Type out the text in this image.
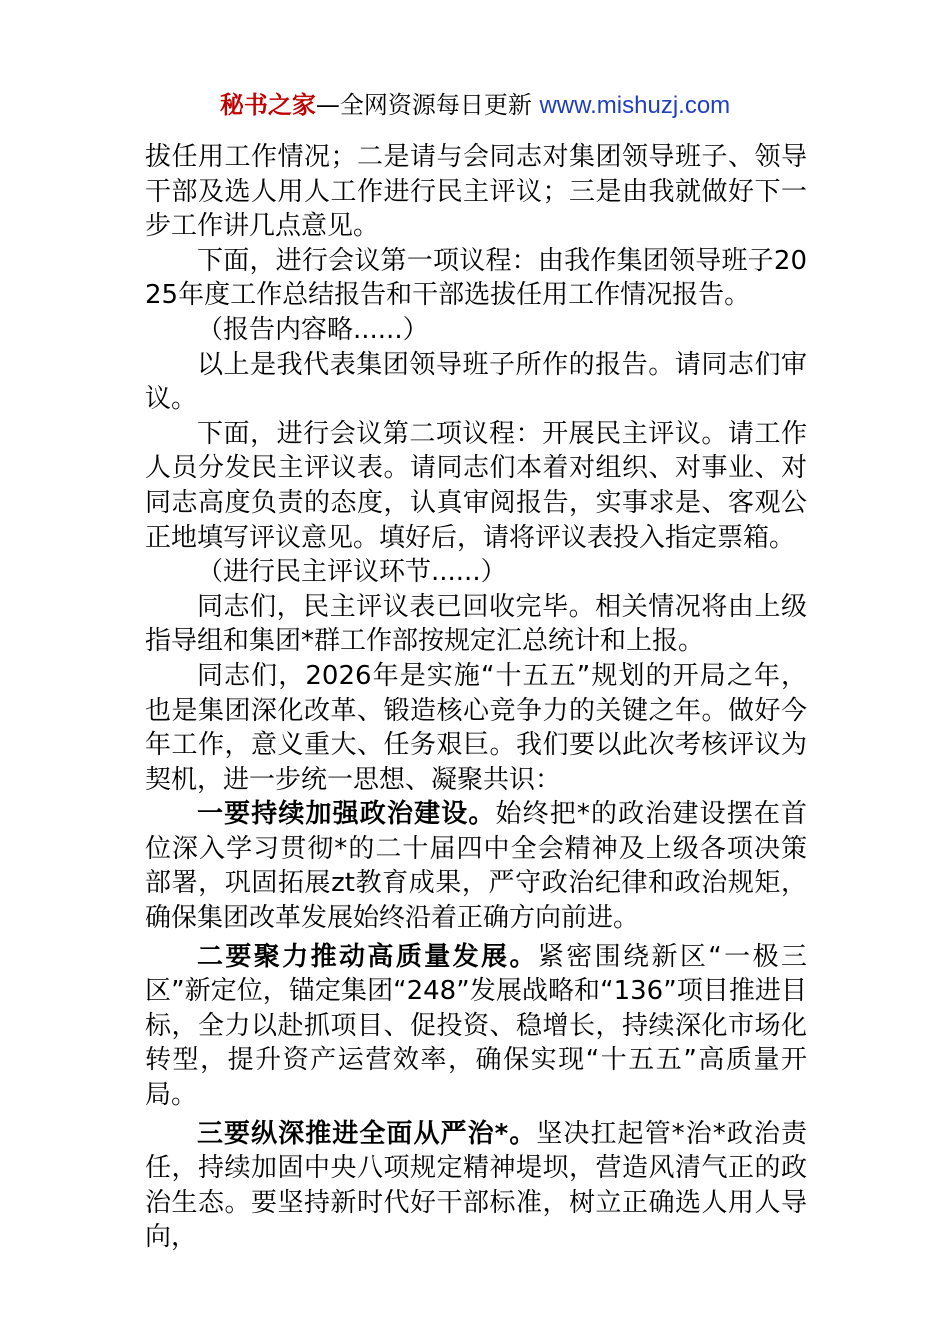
秘书之家—全网资源每日更新 www.mishuzj.com

拔任用工作情况；二是请与会同志对集团领导班子、领导干部及选人用人工作进行民主评议；三是由我就做好下一步工作讲几点意见。

下面，进行会议第一项议程：由我作集团领导班子2025年度工作总结报告和干部选拔任用工作情况报告。

（报告内容略......）

以上是我代表集团领导班子所作的报告。请同志们审议。

下面，进行会议第二项议程：开展民主评议。请工作人员分发民主评议表。请同志们本着对组织、对事业、对同志高度负责的态度，认真审阅报告，实事求是、客观公正地填写评议意见。填好后，请将评议表投入指定票箱。

（进行民主评议环节......）

同志们，民主评议表已回收完毕。相关情况将由上级指导组和集团*群工作部按规定汇总统计和上报。

同志们，2026年是实施“十五五”规划的开局之年，也是集团深化改革、锻造核心竞争力的关键之年。做好今年工作，意义重大、任务艰巨。我们要以此次考核评议为契机，进一步统一思想、凝聚共识：

一要持续加强政治建设。始终把*的政治建设摆在首位深入学习贯彻*的二十届四中全会精神及上级各项决策部署，巩固拓展zt教育成果，严守政治纪律和政治规矩，确保集团改革发展始终沿着正确方向前进。

二要聚力推动高质量发展。紧密围绕新区“一极三区”新定位，锚定集团“248”发展战略和“136”项目推进目标，全力以赴抓项目、促投资、稳增长，持续深化市场化转型，提升资产运营效率，确保实现“十五五”高质量开局。

三要纵深推进全面从严治*。坚决扛起管*治*政治责任，持续加固中央八项规定精神堤坝，营造风清气正的政治生态。要坚持新时代好干部标准，树立正确选人用人导向，
